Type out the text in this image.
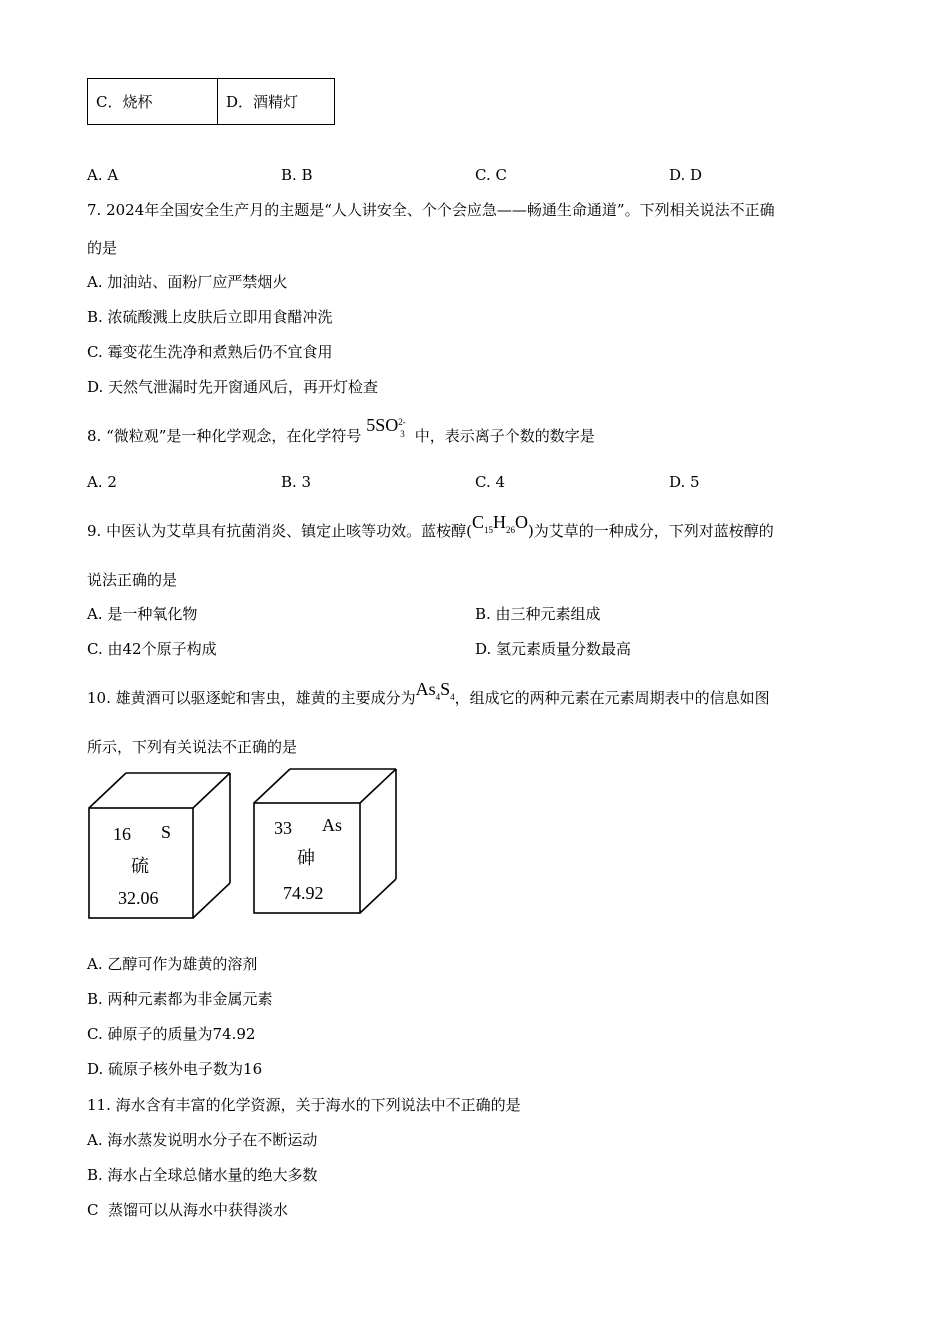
C．烧杯	D．酒精灯
A. A	B. B	C. C	D. D
7. 2024年全国安全生产月的主题是“人人讲安全、个个会应急——畅通生命通道”。下列相关说法不正确
的是
A. 加油站、面粉厂应严禁烟火
B. 浓硫酸溅上皮肤后立即用食醋冲洗
C. 霉变花生洗净和煮熟后仍不宜食用
D. 天然气泄漏时先开窗通风后，再开灯检查
8. “微粒观”是一种化学观念，在化学符号 5SO 2-
3 中，表示离子个数的数字是
A. 2	B. 3	C. 4	D. 5
9. 中医认为艾草具有抗菌消炎、镇定止咳等功效。蓝桉醇$(C_{15}H_{26}O)$为艾草的一种成分，下列对蓝桉醇的
说法正确的是
A. 是一种氧化物	B. 由三种元素组成
C. 由42个原子构成	D. 氢元素质量分数最高
10. 雄黄酒可以驱逐蛇和害虫，雄黄的主要成分为$As_4S_4$，组成它的两种元素在元素周期表中的信息如图
所示，下列有关说法不正确的是
16 S
硫
32.06
33 As
砷
74.92
A. 乙醇可作为雄黄的溶剂
B. 两种元素都为非金属元素
C. 砷原子的质量为74.92
D. 硫原子核外电子数为16
11. 海水含有丰富的化学资源，关于海水的下列说法中不正确的是
A. 海水蒸发说明水分子在不断运动
B. 海水占全球总储水量的绝大多数
C  蒸馏可以从海水中获得淡水
